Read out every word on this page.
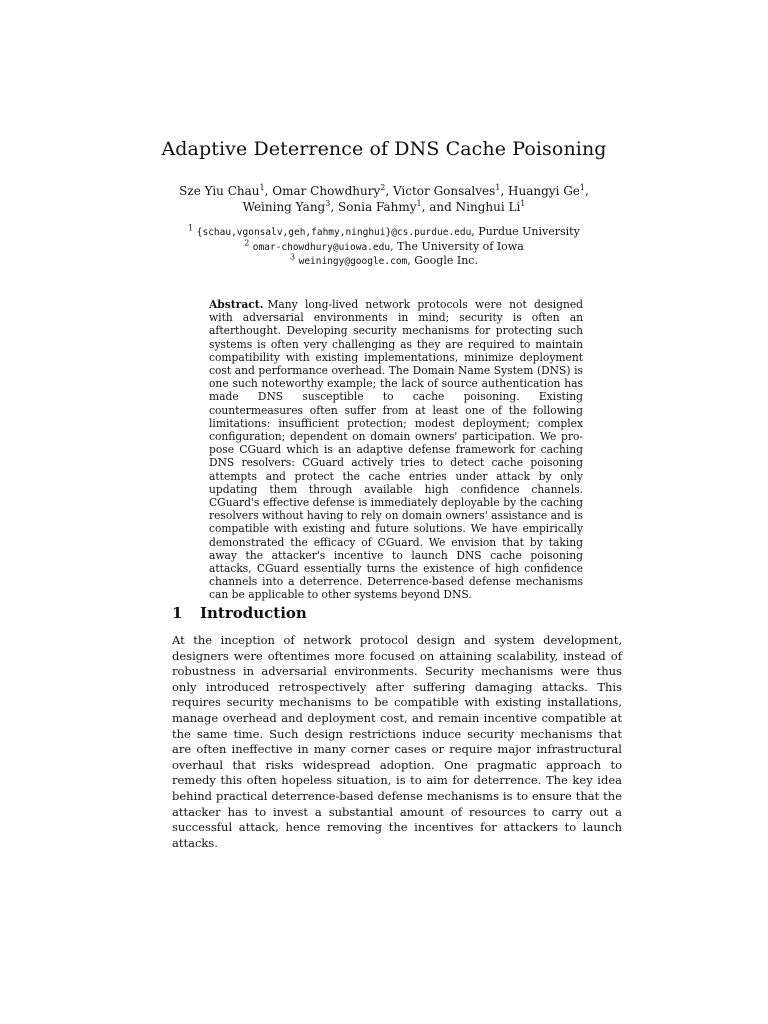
Adaptive Deterrence of DNS Cache Poisoning
Sze Yiu Chau$^1$, Omar Chowdhury$^2$, Victor Gonsalves$^1$, Huangyi Ge$^1$, Weining Yang$^3$, Sonia Fahmy$^1$, and Ninghui Li$^1$
$^1$ {schau,vgonsalv,geh,fahmy,ninghui}@cs.purdue.edu, Purdue University
$^2$ omar-chowdhury@uiowa.edu, The University of Iowa
$^3$ weiningy@google.com, Google Inc.
Abstract. Many long-lived network protocols were not designed with adversarial environments in mind; security is often an afterthought. Developing security mechanisms for protecting such systems is often very challenging as they are required to maintain compatibility with existing implementations, minimize deployment cost and performance overhead. The Domain Name System (DNS) is one such noteworthy example; the lack of source authentication has made DNS susceptible to cache poisoning. Existing countermeasures often suffer from at least one of the following limitations: insufficient protection; modest deployment; complex configuration; dependent on domain owners' participation. We propose CGuard which is an adaptive defense framework for caching DNS resolvers: CGuard actively tries to detect cache poisoning attempts and protect the cache entries under attack by only updating them through available high confidence channels. CGuard's effective defense is immediately deployable by the caching resolvers without having to rely on domain owners' assistance and is compatible with existing and future solutions. We have empirically demonstrated the efficacy of CGuard. We envision that by taking away the attacker's incentive to launch DNS cache poisoning attacks, CGuard essentially turns the existence of high confidence channels into a deterrence. Deterrence-based defense mechanisms can be applicable to other systems beyond DNS.
1 Introduction
At the inception of network protocol design and system development, designers were oftentimes more focused on attaining scalability, instead of robustness in adversarial environments. Security mechanisms were thus only introduced retrospectively after suffering damaging attacks. This requires security mechanisms to be compatible with existing installations, manage overhead and deployment cost, and remain incentive compatible at the same time. Such design restrictions induce security mechanisms that are often ineffective in many corner cases or require major infrastructural overhaul that risks widespread adoption. One pragmatic approach to remedy this often hopeless situation, is to aim for deterrence. The key idea behind practical deterrence-based defense mechanisms is to ensure that the attacker has to invest a substantial amount of resources to carry out a successful attack, hence removing the incentives for attackers to launch attacks.
